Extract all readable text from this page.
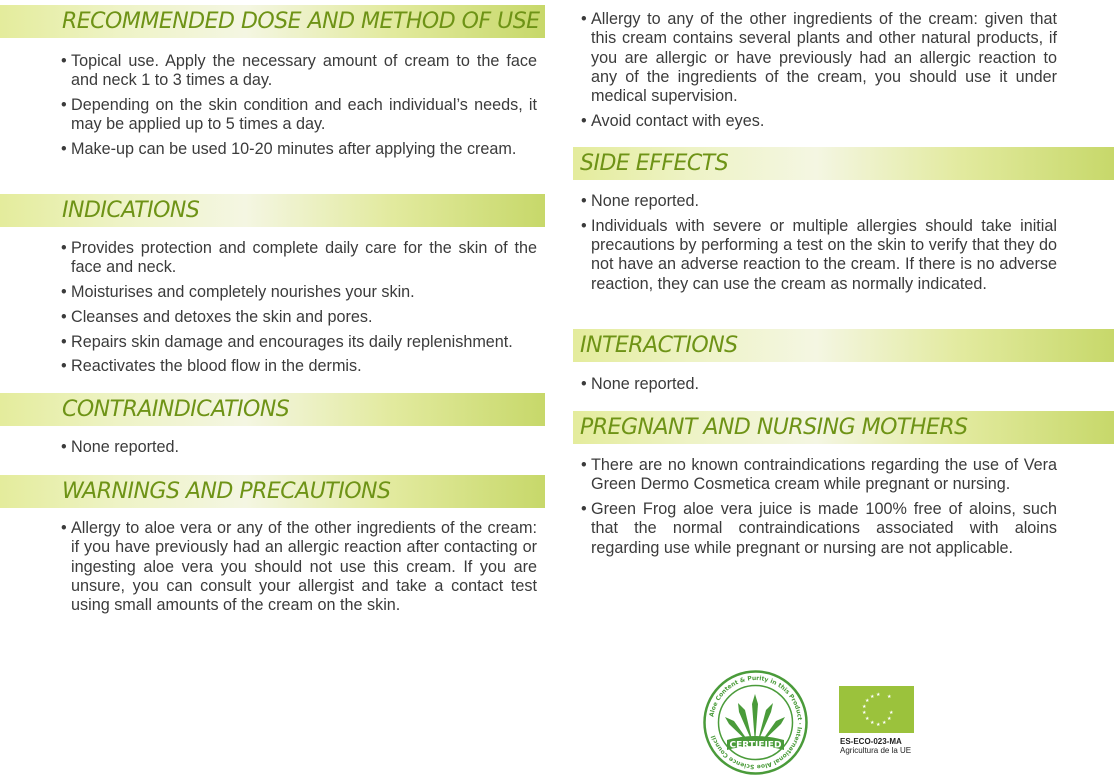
RECOMMENDED DOSE AND METHOD OF USE
• Topical use. Apply the necessary amount of cream to the face and neck 1 to 3 times a day.
• Depending on the skin condition and each individual’s needs, it may be applied up to 5 times a day.
• Make-up can be used 10-20 minutes after applying the cream.
INDICATIONS
• Provides protection and complete daily care for the skin of the face and neck.
• Moisturises and completely nourishes your skin.
• Cleanses and detoxes the skin and pores.
• Repairs skin damage and encourages its daily replenishment.
• Reactivates the blood flow in the dermis.
CONTRAINDICATIONS
• None reported.
WARNINGS AND PRECAUTIONS
• Allergy to aloe vera or any of the other ingredients of the cream: if you have previously had an allergic reaction after contacting or ingesting aloe vera you should not use this cream. If you are unsure, you can consult your allergist and take a contact test using small amounts of the cream on the skin.
• Allergy to any of the other ingredients of the cream: given that this cream contains several plants and other natural products, if you are allergic or have previously had an allergic reaction to any of the ingredients of the cream, you should use it under medical supervision.
• Avoid contact with eyes.
SIDE EFFECTS
• None reported.
• Individuals with severe or multiple allergies should take initial precautions by performing a test on the skin to verify that they do not have an adverse reaction to the cream. If there is no adverse reaction, they can use the cream as normally indicated.
INTERACTIONS
• None reported.
PREGNANT AND NURSING MOTHERS
• There are no known contraindications regarding the use of Vera Green Dermo Cosmetica cream while pregnant or nursing.
• Green Frog aloe vera juice is made 100% free of aloins, such that the normal contraindications associated with aloins regarding use while pregnant or nursing are not applicable.
Aloe Content & Purity in this Product · International Aloe Science Council
CERTIFIED
★
★
★
★
★
★
★ ★ ★
★
★
★
ES-ECO-023-MA
Agricultura de la UE
